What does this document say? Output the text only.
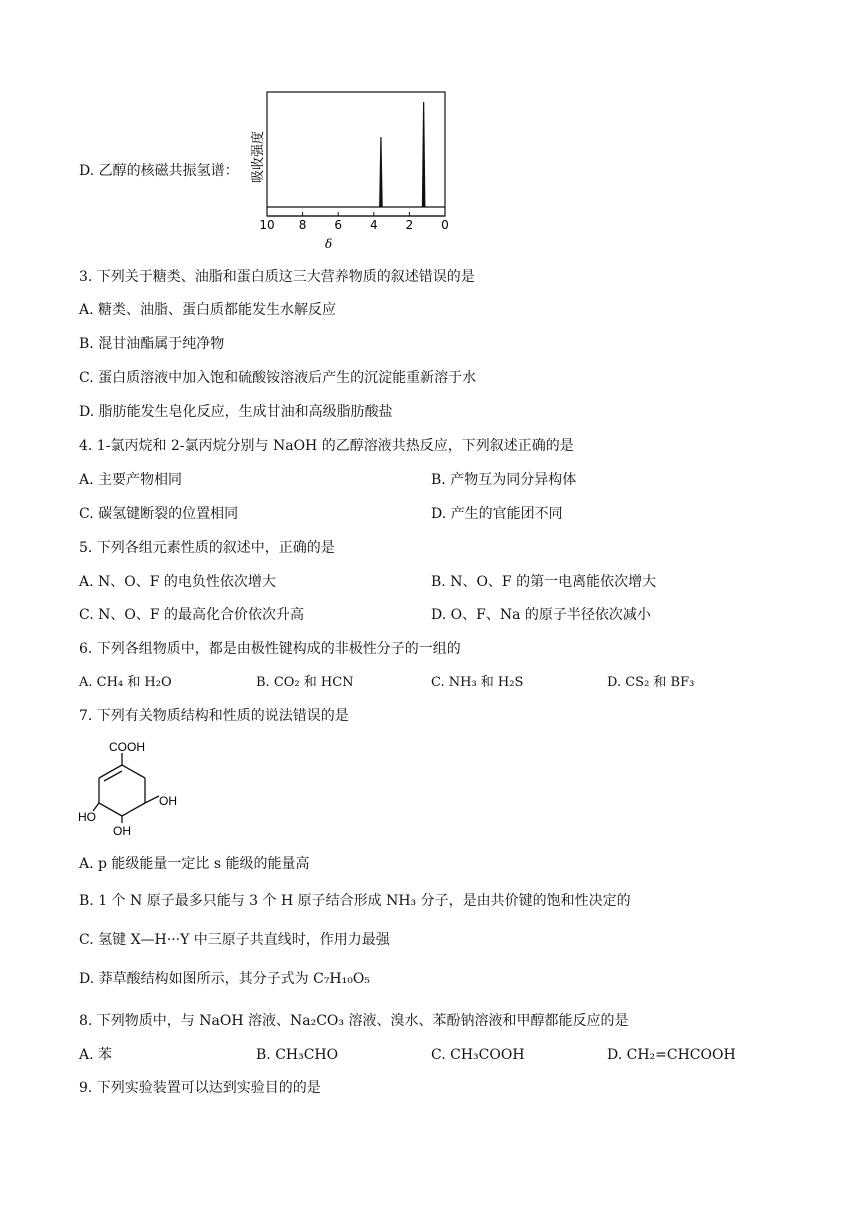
D. 乙醇的核磁共振氢谱： 吸收强度
10 8 6 4 2 0
δ
3. 下列关于糖类、油脂和蛋白质这三大营养物质的叙述错误的是
A. 糖类、油脂、蛋白质都能发生水解反应
B. 混甘油酯属于纯净物
C. 蛋白质溶液中加入饱和硫酸铵溶液后产生的沉淀能重新溶于水
D. 脂肪能发生皂化反应，生成甘油和高级脂肪酸盐
4. 1-氯丙烷和 2-氯丙烷分别与 NaOH 的乙醇溶液共热反应，下列叙述正确的是
A. 主要产物相同	B. 产物互为同分异构体
C. 碳氢键断裂的位置相同	D. 产生的官能团不同
5. 下列各组元素性质的叙述中，正确的是
A. N、O、F 的电负性依次增大	B. N、O、F 的第一电离能依次增大
C. N、O、F 的最高化合价依次升高	D. O、F、Na 的原子半径依次减小
6. 下列各组物质中，都是由极性键构成的非极性分子的一组的
A. CH₄ 和 H₂O	B. CO₂ 和 HCN	C. NH₃ 和 H₂S	D. CS₂ 和 BF₃
7. 下列有关物质结构和性质的说法错误的是
COOH
OH
HO
OH
A. p 能级能量一定比 s 能级的能量高
B. 1 个 N 原子最多只能与 3 个 H 原子结合形成 NH₃ 分子，是由共价键的饱和性决定的
C. 氢键 X—H···Y 中三原子共直线时，作用力最强
D. 莽草酸结构如图所示，其分子式为 C₇H₁₀O₅
8. 下列物质中，与 NaOH 溶液、Na₂CO₃ 溶液、溴水、苯酚钠溶液和甲醇都能反应的是
A. 苯	B. CH₃CHO	C. CH₃COOH	D. CH₂=CHCOOH
9. 下列实验装置可以达到实验目的的是
